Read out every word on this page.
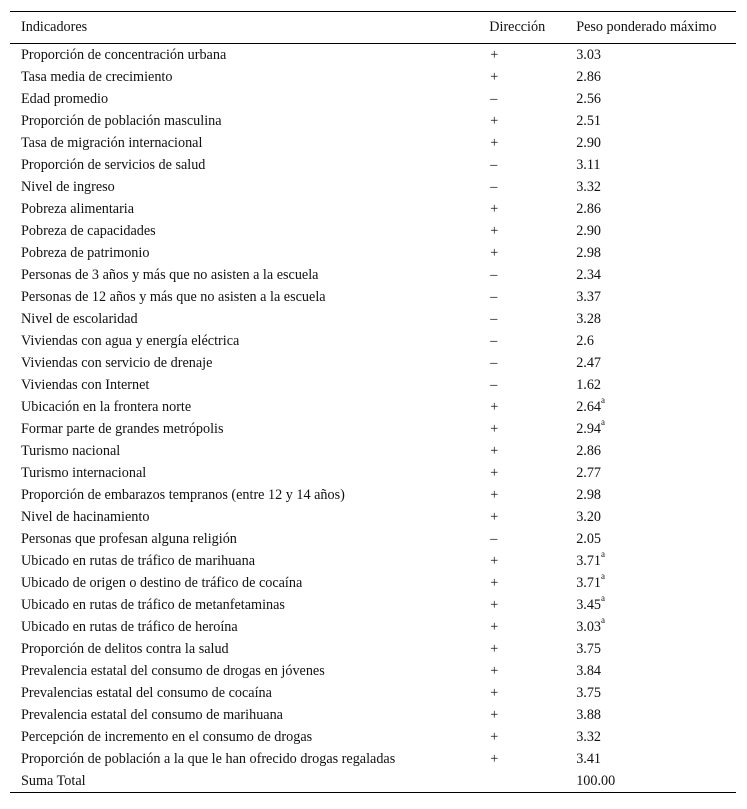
Indicadores	Dirección	Peso ponderado máximo
Proporción de concentración urbana	+	3.03
Tasa media de crecimiento	+	2.86
Edad promedio	–	2.56
Proporción de población masculina	+	2.51
Tasa de migración internacional	+	2.90
Proporción de servicios de salud	–	3.11
Nivel de ingreso	–	3.32
Pobreza alimentaria	+	2.86
Pobreza de capacidades	+	2.90
Pobreza de patrimonio	+	2.98
Personas de 3 años y más que no asisten a la escuela	–	2.34
Personas de 12 años y más que no asisten a la escuela	–	3.37
Nivel de escolaridad	–	3.28
Viviendas con agua y energía eléctrica	–	2.6
Viviendas con servicio de drenaje	–	2.47
Viviendas con Internet	–	1.62
Ubicación en la frontera norte	+	2.64$^a$
Formar parte de grandes metrópolis	+	2.94$^a$
Turismo nacional	+	2.86
Turismo internacional	+	2.77
Proporción de embarazos tempranos (entre 12 y 14 años)	+	2.98
Nivel de hacinamiento	+	3.20
Personas que profesan alguna religión	–	2.05
Ubicado en rutas de tráfico de marihuana	+	3.71$^a$
Ubicado de origen o destino de tráfico de cocaína	+	3.71$^a$
Ubicado en rutas de tráfico de metanfetaminas	+	3.45$^a$
Ubicado en rutas de tráfico de heroína	+	3.03$^a$
Proporción de delitos contra la salud	+	3.75
Prevalencia estatal del consumo de drogas en jóvenes	+	3.84
Prevalencias estatal del consumo de cocaína	+	3.75
Prevalencia estatal del consumo de marihuana	+	3.88
Percepción de incremento en el consumo de drogas	+	3.32
Proporción de población a la que le han ofrecido drogas regaladas	+	3.41
Suma Total		100.00
